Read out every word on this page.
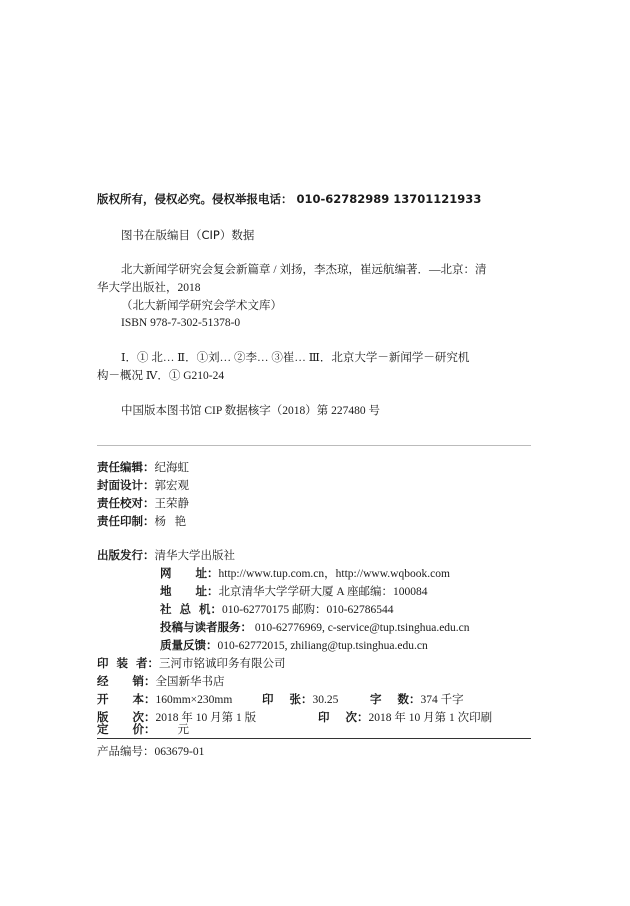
版权所有，侵权必究。侵权举报电话： 010-62782989 13701121933
图书在版编目（CIP）数据
北大新闻学研究会复会新篇章 / 刘扬，李杰琼，崔远航编著．—北京：清
华大学出版社，2018
（北大新闻学研究会学术文库）
ISBN 978-7-302-51378-0
Ⅰ．① 北… Ⅱ．①刘… ②李… ③崔… Ⅲ．北京大学－新闻学－研究机
构－概况 Ⅳ．① G210-24
中国版本图书馆 CIP 数据核字（2018）第 227480 号
责任编辑：纪海虹
封面设计：郭宏观
责任校对：王荣静
责任印制：杨   艳
出版发行：清华大学出版社
网      址：http://www.tup.com.cn，http://www.wqbook.com
地      址：北京清华大学学研大厦 A 座邮编：100084
社  总  机：010-62770175 邮购：010-62786544
投稿与读者服务： 010-62776969, c-service@tup.tsinghua.edu.cn
质量反馈：010-62772015, zhiliang@tup.tsinghua.edu.cn
印  装  者：三河市铭诚印务有限公司
经      销：全国新华书店
开      本：160mm×230mm	印    张：30.25	字    数：374 千字
版      次：2018 年 10 月第 1 版	印    次：2018 年 10 月第 1 次印刷
定      价： 元
产品编号：063679-01
